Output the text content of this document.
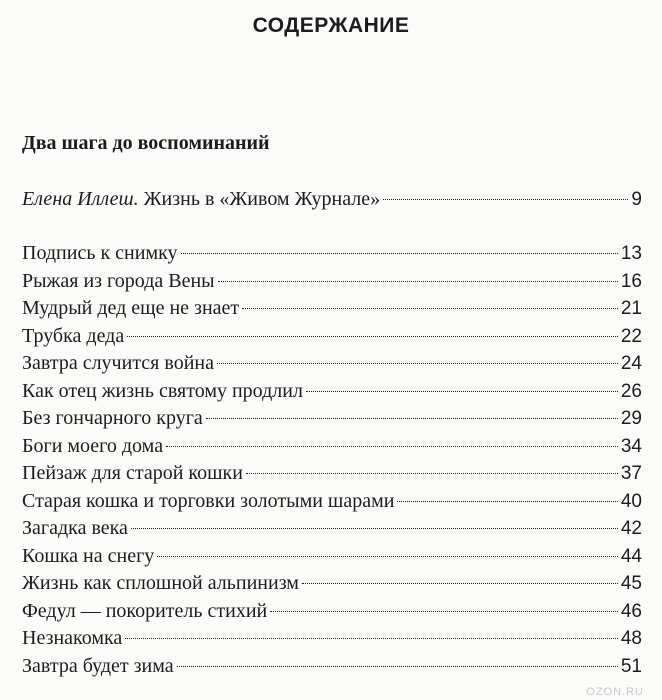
СОДЕРЖАНИЕ
Два шага до воспоминаний
Елена Иллеш. Жизнь в «Живом Журнале»	9
Подпись к снимку	13
Рыжая из города Вены	16
Мудрый дед еще не знает	21
Трубка деда	22
Завтра случится война	24
Как отец жизнь святому продлил	26
Без гончарного круга	29
Боги моего дома	34
Пейзаж для старой кошки	37
Старая кошка и торговки золотыми шарами	40
Загадка века	42
Кошка на снегу	44
Жизнь как сплошной альпинизм	45
Федул — покоритель стихий	46
Незнакомка	48
Завтра будет зима	51
OZON.RU
